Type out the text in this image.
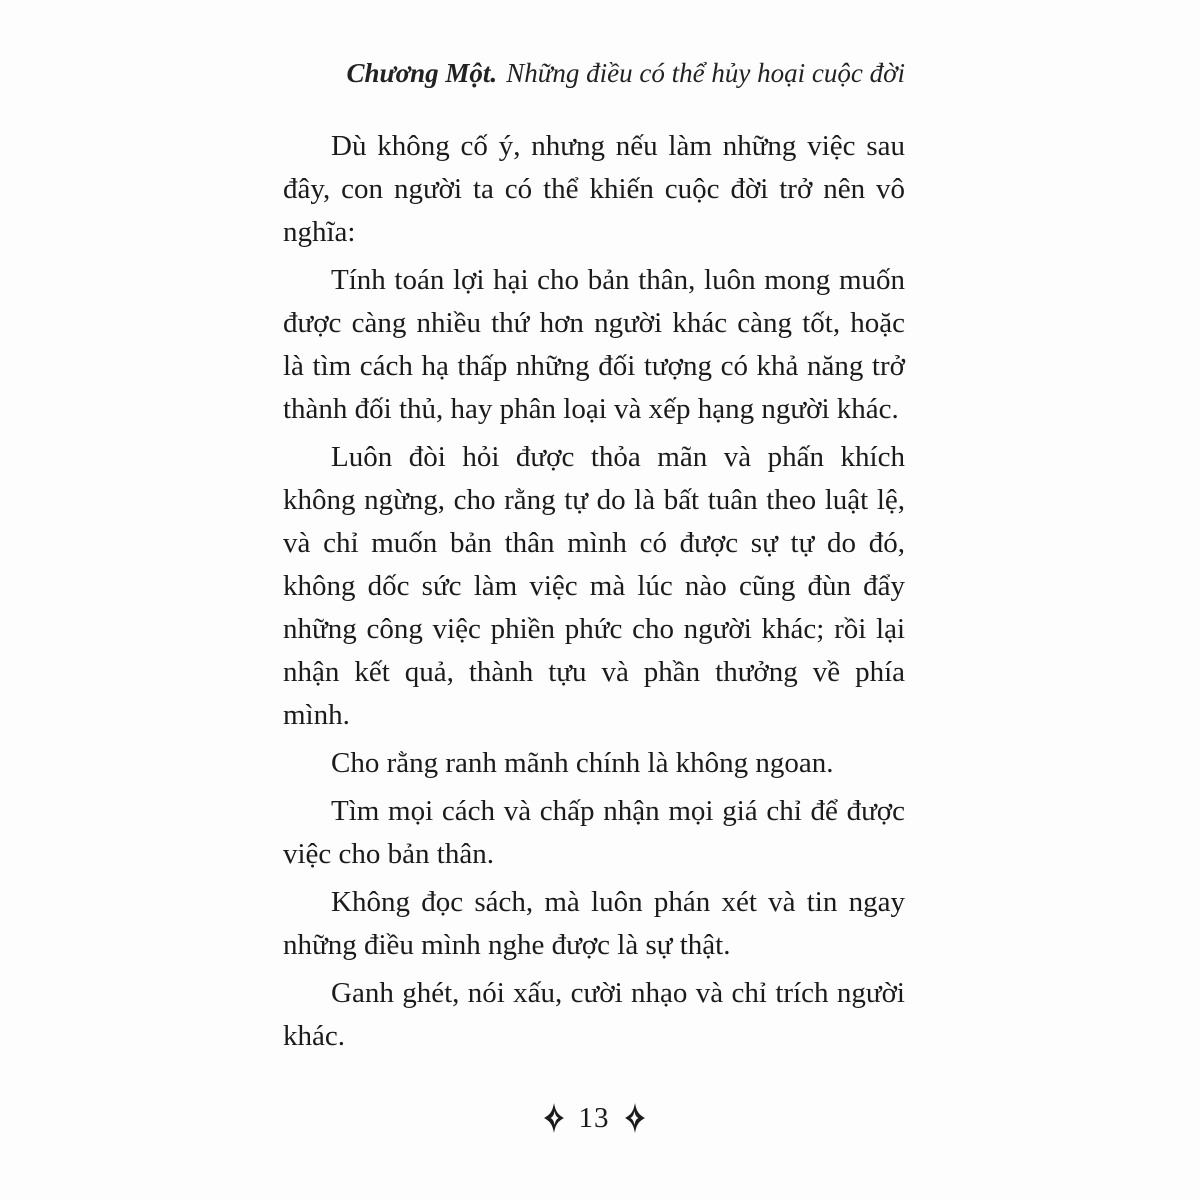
Chương Một. Những điều có thể hủy hoại cuộc đời

Dù không cố ý, nhưng nếu làm những việc sau đây, con người ta có thể khiến cuộc đời trở nên vô nghĩa:

Tính toán lợi hại cho bản thân, luôn mong muốn được càng nhiều thứ hơn người khác càng tốt, hoặc là tìm cách hạ thấp những đối tượng có khả năng trở thành đối thủ, hay phân loại và xếp hạng người khác.

Luôn đòi hỏi được thỏa mãn và phấn khích không ngừng, cho rằng tự do là bất tuân theo luật lệ, và chỉ muốn bản thân mình có được sự tự do đó, không dốc sức làm việc mà lúc nào cũng đùn đẩy những công việc phiền phức cho người khác; rồi lại nhận kết quả, thành tựu và phần thưởng về phía mình.

Cho rằng ranh mãnh chính là không ngoan.

Tìm mọi cách và chấp nhận mọi giá chỉ để được việc cho bản thân.

Không đọc sách, mà luôn phán xét và tin ngay những điều mình nghe được là sự thật.

Ganh ghét, nói xấu, cười nhạo và chỉ trích người khác.

13
